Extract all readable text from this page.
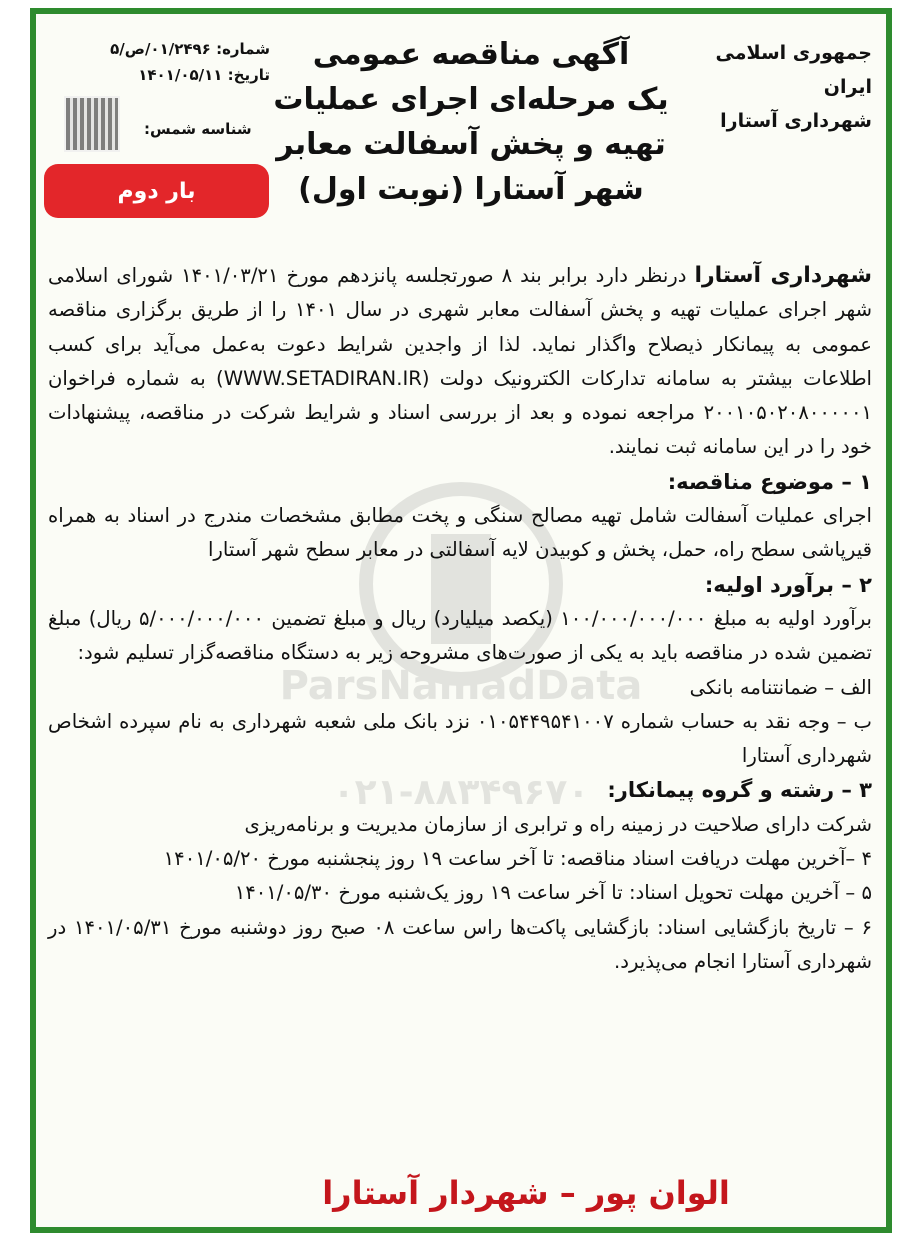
جمهوری اسلامی ایران
شهرداری آستارا
آگهی مناقصه عمومی
یک مرحله‌ای اجرای عملیات
تهیه و پخش آسفالت معابر
شهر آستارا (نوبت اول)
شماره: ۰۱/۲۴۹۶/ص/۵
تاریخ: ۱۴۰۱/۰۵/۱۱
شناسه شمس:
بار دوم
ParsNamadData
۰۲۱-۸۸۳۴۹۶۷۰

شهرداری آستارا درنظر دارد برابر بند ۸ صورتجلسه پانزدهم مورخ ۱۴۰۱/۰۳/۲۱ شورای اسلامی شهر اجرای عملیات تهیه و پخش آسفالت معابر شهری در سال ۱۴۰۱ را از طریق برگزاری مناقصه عمومی به پیمانکار ذیصلاح واگذار نماید. لذا از واجدین شرایط دعوت به‌عمل می‌آید برای کسب اطلاعات بیشتر به سامانه تدارکات الکترونیک دولت (WWW.SETADIRAN.IR) به شماره فراخوان ۲۰۰۱۰۵۰۲۰۸۰۰۰۰۰۱ مراجعه نموده و بعد از بررسی اسناد و شرایط شرکت در مناقصه، پیشنهادات خود را در این سامانه ثبت نمایند.

۱ – موضوع مناقصه:

اجرای عملیات آسفالت شامل تهیه مصالح سنگی و پخت مطابق مشخصات مندرج در اسناد به همراه قیرپاشی سطح راه، حمل، پخش و کوبیدن لایه آسفالتی در معابر سطح شهر آستارا

۲ – برآورد اولیه:

برآورد اولیه به مبلغ ۱۰۰/۰۰۰/۰۰۰/۰۰۰ (یکصد میلیارد) ریال و مبلغ تضمین ۵/۰۰۰/۰۰۰/۰۰۰ ریال) مبلغ تضمین شده در مناقصه باید به یکی از صورت‌های مشروحه زیر به دستگاه مناقصه‌گزار تسلیم شود:

الف – ضمانتنامه بانکی

ب – وجه نقد به حساب شماره ۰۱۰۵۴۴۹۵۴۱۰۰۷ نزد بانک ملی شعبه شهرداری به نام سپرده اشخاص شهرداری آستارا

۳ – رشته و گروه پیمانکار:

شرکت دارای صلاحیت در زمینه راه و ترابری از سازمان مدیریت و برنامه‌ریزی

۴ –آخرین مهلت دریافت اسناد مناقصه: تا آخر ساعت ۱۹ روز پنجشنبه مورخ ۱۴۰۱/۰۵/۲۰

۵ – آخرین مهلت تحویل اسناد: تا آخر ساعت ۱۹ روز یک‌شنبه مورخ ۱۴۰۱/۰۵/۳۰

۶ – تاریخ بازگشایی اسناد: بازگشایی پاکت‌ها راس ساعت ۰۸ صبح روز دوشنبه مورخ ۱۴۰۱/۰۵/۳۱ در شهرداری آستارا انجام می‌پذیرد.

الوان پور – شهردار آستارا
